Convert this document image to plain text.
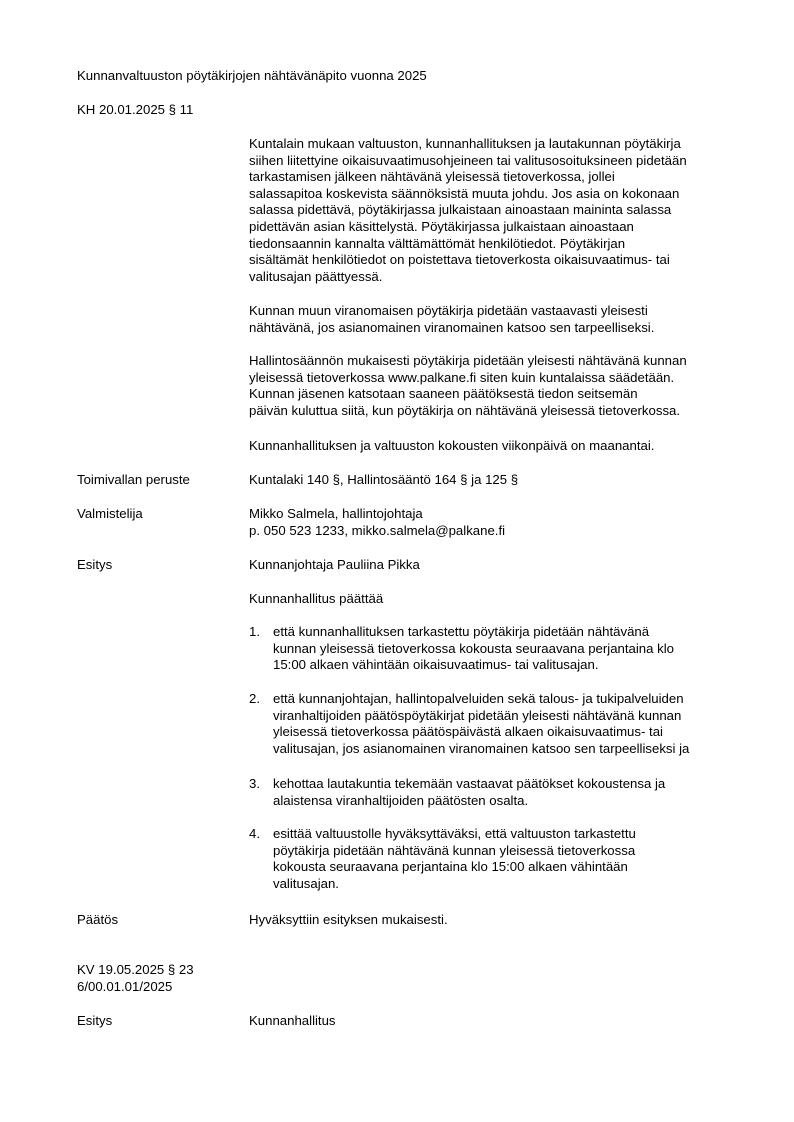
Kunnanvaltuuston pöytäkirjojen nähtävänäpito vuonna 2025
KH 20.01.2025 § 11
Kuntalain mukaan valtuuston, kunnanhallituksen ja lautakunnan pöytäkirja
siihen liitettyine oikaisuvaatimusohjeineen tai valitusosoituksineen pidetään
tarkastamisen jälkeen nähtävänä yleisessä tietoverkossa, jollei
salassapitoa koskevista säännöksistä muuta johdu. Jos asia on kokonaan
salassa pidettävä, pöytäkirjassa julkaistaan ainoastaan maininta salassa
pidettävän asian käsittelystä. Pöytäkirjassa julkaistaan ainoastaan
tiedonsaannin kannalta välttämättömät henkilötiedot. Pöytäkirjan
sisältämät henkilötiedot on poistettava tietoverkosta oikaisuvaatimus- tai
valitusajan päättyessä.
Kunnan muun viranomaisen pöytäkirja pidetään vastaavasti yleisesti
nähtävänä, jos asianomainen viranomainen katsoo sen tarpeelliseksi.
Hallintosäännön mukaisesti pöytäkirja pidetään yleisesti nähtävänä kunnan
yleisessä tietoverkossa www.palkane.fi siten kuin kuntalaissa säädetään.
Kunnan jäsenen katsotaan saaneen päätöksestä tiedon seitsemän
päivän kuluttua siitä, kun pöytäkirja on nähtävänä yleisessä tietoverkossa.
Kunnanhallituksen ja valtuuston kokousten viikonpäivä on maanantai.
Toimivallan peruste	Kuntalaki 140 §, Hallintosääntö 164 § ja 125 §
Valmistelija	Mikko Salmela, hallintojohtaja
p. 050 523 1233, mikko.salmela@palkane.fi
Esitys	Kunnanjohtaja Pauliina Pikka
Kunnanhallitus päättää
1. että kunnanhallituksen tarkastettu pöytäkirja pidetään nähtävänä
kunnan yleisessä tietoverkossa kokousta seuraavana perjantaina klo
15:00 alkaen vähintään oikaisuvaatimus- tai valitusajan.
2. että kunnanjohtajan, hallintopalveluiden sekä talous- ja tukipalveluiden
viranhaltijoiden päätöspöytäkirjat pidetään yleisesti nähtävänä kunnan
yleisessä tietoverkossa päätöspäivästä alkaen oikaisuvaatimus- tai
valitusajan, jos asianomainen viranomainen katsoo sen tarpeelliseksi ja
3. kehottaa lautakuntia tekemään vastaavat päätökset kokoustensa ja
alaistensa viranhaltijoiden päätösten osalta.
4. esittää valtuustolle hyväksyttäväksi, että valtuuston tarkastettu
pöytäkirja pidetään nähtävänä kunnan yleisessä tietoverkossa
kokousta seuraavana perjantaina klo 15:00 alkaen vähintään
valitusajan.
Päätös	Hyväksyttiin esityksen mukaisesti.
KV 19.05.2025 § 23
6/00.01.01/2025
Esitys	Kunnanhallitus
